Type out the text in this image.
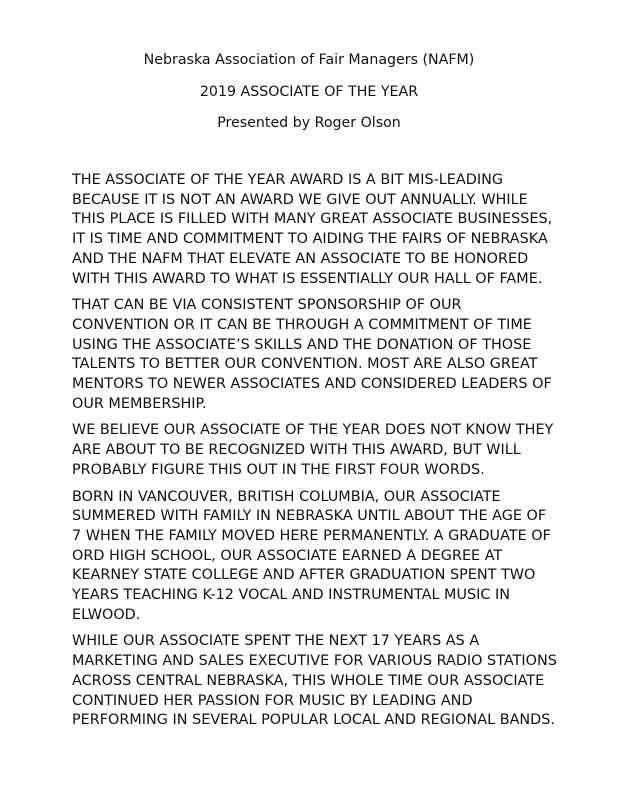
Nebraska Association of Fair Managers (NAFM)
2019 ASSOCIATE OF THE YEAR
Presented by Roger Olson

THE ASSOCIATE OF THE YEAR AWARD IS A BIT MIS-LEADING
BECAUSE IT IS NOT AN AWARD WE GIVE OUT ANNUALLY. WHILE
THIS PLACE IS FILLED WITH MANY GREAT ASSOCIATE BUSINESSES,
IT IS TIME AND COMMITMENT TO AIDING THE FAIRS OF NEBRASKA
AND THE NAFM THAT ELEVATE AN ASSOCIATE TO BE HONORED
WITH THIS AWARD TO WHAT IS ESSENTIALLY OUR HALL OF FAME.

THAT CAN BE VIA CONSISTENT SPONSORSHIP OF OUR
CONVENTION OR IT CAN BE THROUGH A COMMITMENT OF TIME
USING THE ASSOCIATE’S SKILLS AND THE DONATION OF THOSE
TALENTS TO BETTER OUR CONVENTION. MOST ARE ALSO GREAT
MENTORS TO NEWER ASSOCIATES AND CONSIDERED LEADERS OF
OUR MEMBERSHIP.

WE BELIEVE OUR ASSOCIATE OF THE YEAR DOES NOT KNOW THEY
ARE ABOUT TO BE RECOGNIZED WITH THIS AWARD, BUT WILL
PROBABLY FIGURE THIS OUT IN THE FIRST FOUR WORDS.

BORN IN VANCOUVER, BRITISH COLUMBIA, OUR ASSOCIATE
SUMMERED WITH FAMILY IN NEBRASKA UNTIL ABOUT THE AGE OF
7 WHEN THE FAMILY MOVED HERE PERMANENTLY. A GRADUATE OF
ORD HIGH SCHOOL, OUR ASSOCIATE EARNED A DEGREE AT
KEARNEY STATE COLLEGE AND AFTER GRADUATION SPENT TWO
YEARS TEACHING K-12 VOCAL AND INSTRUMENTAL MUSIC IN
ELWOOD.

WHILE OUR ASSOCIATE SPENT THE NEXT 17 YEARS AS A
MARKETING AND SALES EXECUTIVE FOR VARIOUS RADIO STATIONS
ACROSS CENTRAL NEBRASKA, THIS WHOLE TIME OUR ASSOCIATE
CONTINUED HER PASSION FOR MUSIC BY LEADING AND
PERFORMING IN SEVERAL POPULAR LOCAL AND REGIONAL BANDS.
